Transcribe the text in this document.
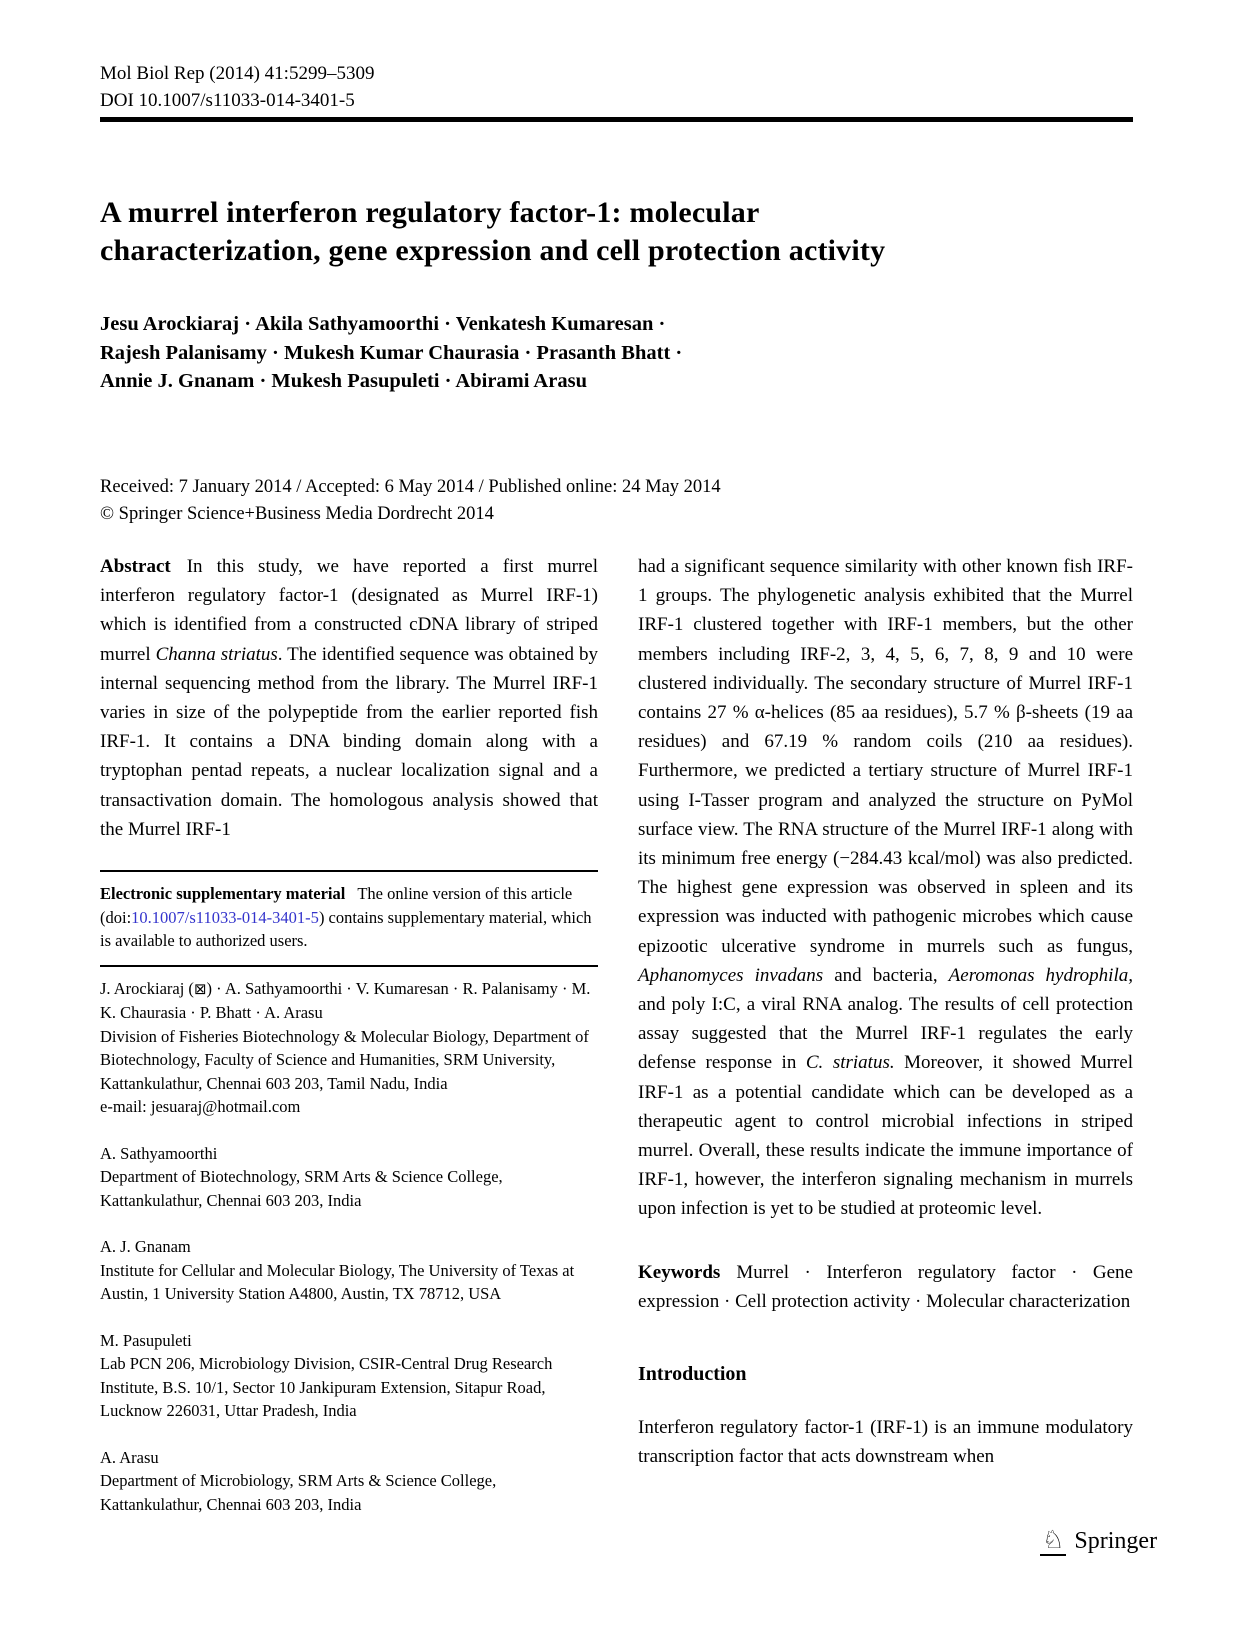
Mol Biol Rep (2014) 41:5299–5309
DOI 10.1007/s11033-014-3401-5
A murrel interferon regulatory factor-1: molecular
characterization, gene expression and cell protection activity
Jesu Arockiaraj · Akila Sathyamoorthi · Venkatesh Kumaresan ·
Rajesh Palanisamy · Mukesh Kumar Chaurasia · Prasanth Bhatt ·
Annie J. Gnanam · Mukesh Pasupuleti · Abirami Arasu
Received: 7 January 2014 / Accepted: 6 May 2014 / Published online: 24 May 2014
© Springer Science+Business Media Dordrecht 2014

Abstract In this study, we have reported a first murrel interferon regulatory factor-1 (designated as Murrel IRF-1) which is identified from a constructed cDNA library of striped murrel Channa striatus. The identified sequence was obtained by internal sequencing method from the library. The Murrel IRF-1 varies in size of the polypeptide from the earlier reported fish IRF-1. It contains a DNA binding domain along with a tryptophan pentad repeats, a nuclear localization signal and a transactivation domain. The homologous analysis showed that the Murrel IRF-1

Electronic supplementary material The online version of this article (doi:10.1007/s11033-014-3401-5) contains supplementary material, which is available to authorized users.

J. Arockiaraj (⊠) · A. Sathyamoorthi · V. Kumaresan · R. Palanisamy · M. K. Chaurasia · P. Bhatt · A. Arasu
Division of Fisheries Biotechnology & Molecular Biology, Department of Biotechnology, Faculty of Science and Humanities, SRM University, Kattankulathur, Chennai 603 203, Tamil Nadu, India
e-mail: jesuaraj@hotmail.com
A. Sathyamoorthi
Department of Biotechnology, SRM Arts & Science College, Kattankulathur, Chennai 603 203, India
A. J. Gnanam
Institute for Cellular and Molecular Biology, The University of Texas at Austin, 1 University Station A4800, Austin, TX 78712, USA
M. Pasupuleti
Lab PCN 206, Microbiology Division, CSIR-Central Drug Research Institute, B.S. 10/1, Sector 10 Jankipuram Extension, Sitapur Road, Lucknow 226031, Uttar Pradesh, India
A. Arasu
Department of Microbiology, SRM Arts & Science College, Kattankulathur, Chennai 603 203, India

had a significant sequence similarity with other known fish IRF-1 groups. The phylogenetic analysis exhibited that the Murrel IRF-1 clustered together with IRF-1 members, but the other members including IRF-2, 3, 4, 5, 6, 7, 8, 9 and 10 were clustered individually. The secondary structure of Murrel IRF-1 contains 27 % α-helices (85 aa residues), 5.7 % β-sheets (19 aa residues) and 67.19 % random coils (210 aa residues). Furthermore, we predicted a tertiary structure of Murrel IRF-1 using I-Tasser program and analyzed the structure on PyMol surface view. The RNA structure of the Murrel IRF-1 along with its minimum free energy (−284.43 kcal/mol) was also predicted. The highest gene expression was observed in spleen and its expression was inducted with pathogenic microbes which cause epizootic ulcerative syndrome in murrels such as fungus, Aphanomyces invadans and bacteria, Aeromonas hydrophila, and poly I:C, a viral RNA analog. The results of cell protection assay suggested that the Murrel IRF-1 regulates the early defense response in C. striatus. Moreover, it showed Murrel IRF-1 as a potential candidate which can be developed as a therapeutic agent to control microbial infections in striped murrel. Overall, these results indicate the immune importance of IRF-1, however, the interferon signaling mechanism in murrels upon infection is yet to be studied at proteomic level.

Keywords Murrel · Interferon regulatory factor · Gene expression · Cell protection activity · Molecular characterization

Introduction

Interferon regulatory factor-1 (IRF-1) is an immune modulatory transcription factor that acts downstream when

♘ Springer
